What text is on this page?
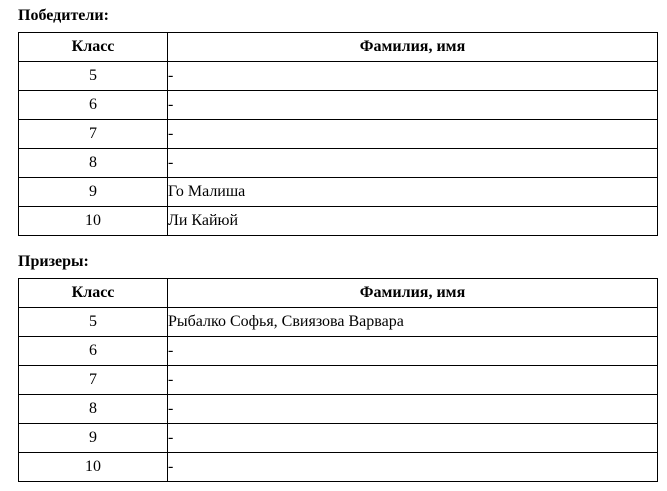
Победители:
Класс	Фамилия, имя
5	-
6	-
7	-
8	-
9	Го Малиша
10	Ли Кайюй
Призеры:
Класс	Фамилия, имя
5	Рыбалко Софья, Свиязова Варвара
6	-
7	-
8	-
9	-
10	-
